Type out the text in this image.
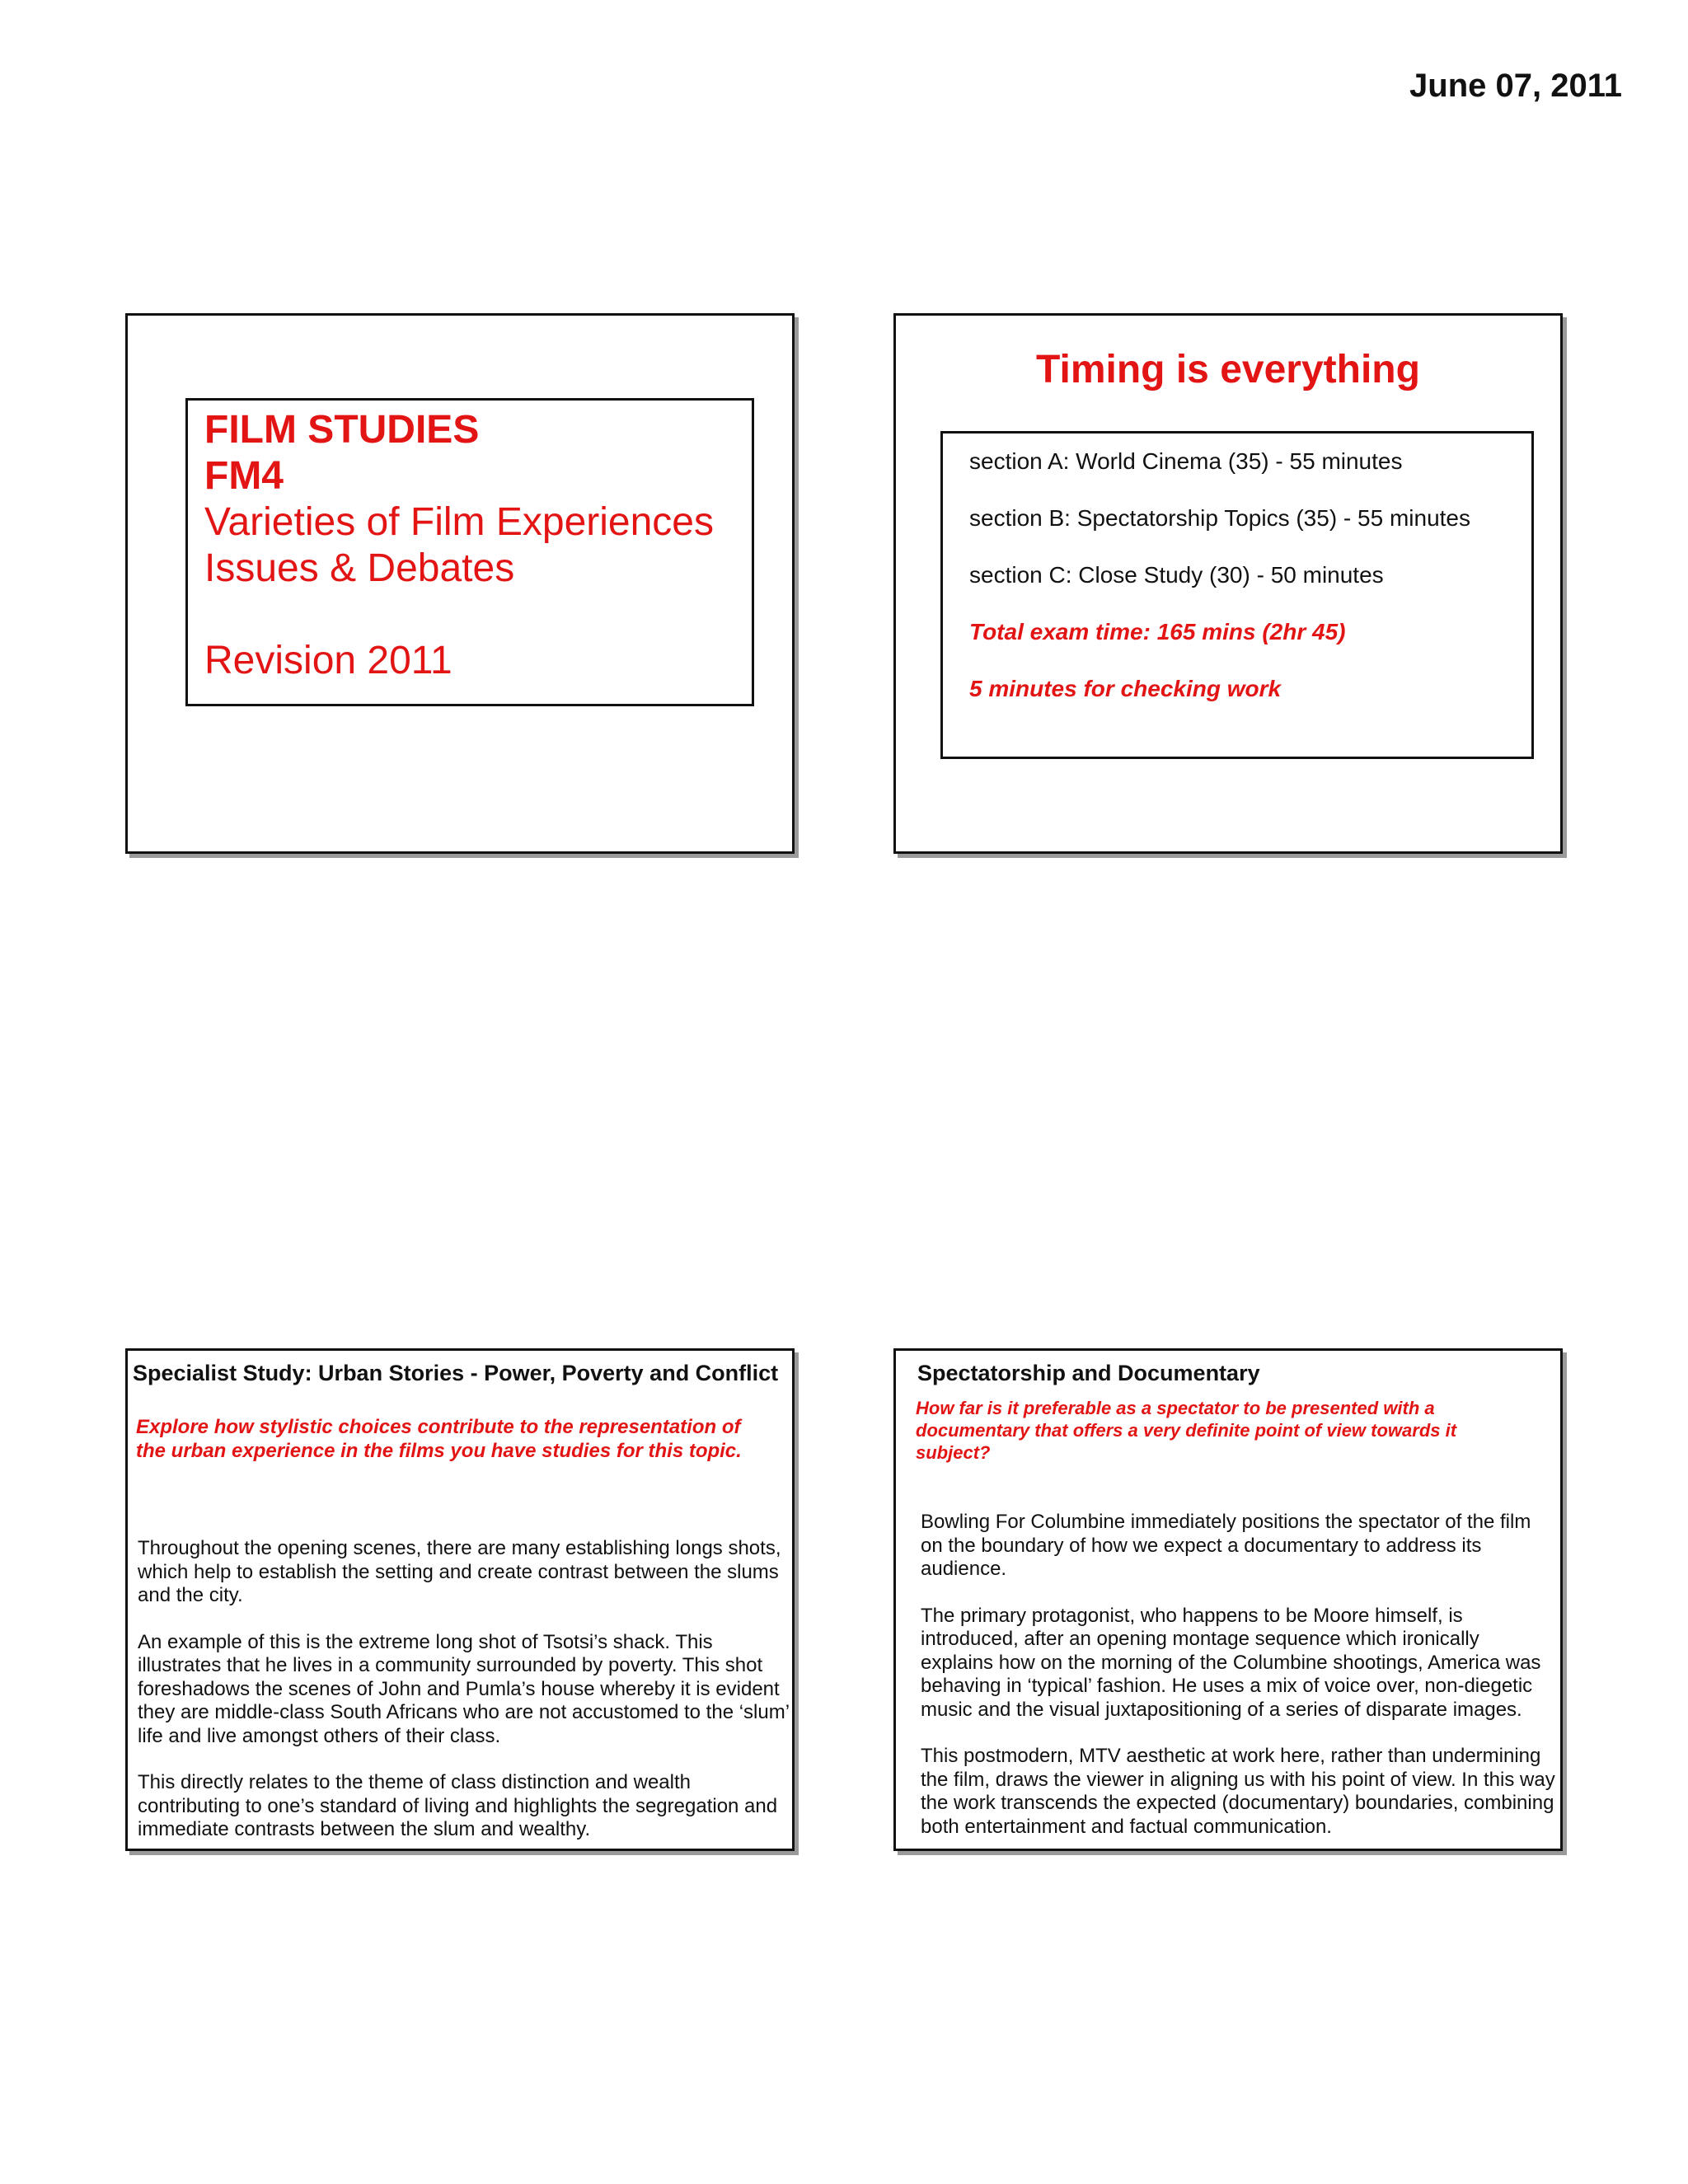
June 07, 2011
FILM STUDIES
FM4
Varieties of Film Experiences
Issues & Debates
Revision 2011
Timing is everything
section A: World Cinema (35) - 55 minutes
section B: Spectatorship Topics (35) - 55 minutes
section C: Close Study (30) - 50 minutes
Total exam time: 165 mins (2hr 45)
5 minutes for checking work
Specialist Study: Urban Stories - Power, Poverty and Conflict
Explore how stylistic choices contribute to the representation of the urban experience in the films you have studies for this topic.

Throughout the opening scenes, there are many establishing longs shots, which help to establish the setting and create contrast between the slums and the city.

An example of this is the extreme long shot of Tsotsi’s shack. This illustrates that he lives in a community surrounded by poverty. This shot foreshadows the scenes of John and Pumla’s house whereby it is evident they are middle-class South Africans who are not accustomed to the ‘slum’ life and live amongst others of their class.

This directly relates to the theme of class distinction and wealth contributing to one’s standard of living and highlights the segregation and immediate contrasts between the slum and wealthy.

Spectatorship and Documentary
How far is it preferable as a spectator to be presented with a documentary that offers a very definite point of view towards it subject?

Bowling For Columbine immediately positions the spectator of the film on the boundary of how we expect a documentary to address its audience.

The primary protagonist, who happens to be Moore himself, is introduced, after an opening montage sequence which ironically explains how on the morning of the Columbine shootings, America was behaving in ‘typical’ fashion. He uses a mix of voice over, non-diegetic music and the visual juxtapositioning of a series of disparate images.

This postmodern, MTV aesthetic at work here, rather than undermining the film, draws the viewer in aligning us with his point of view. In this way the work transcends the expected (documentary) boundaries, combining both entertainment and factual communication.
